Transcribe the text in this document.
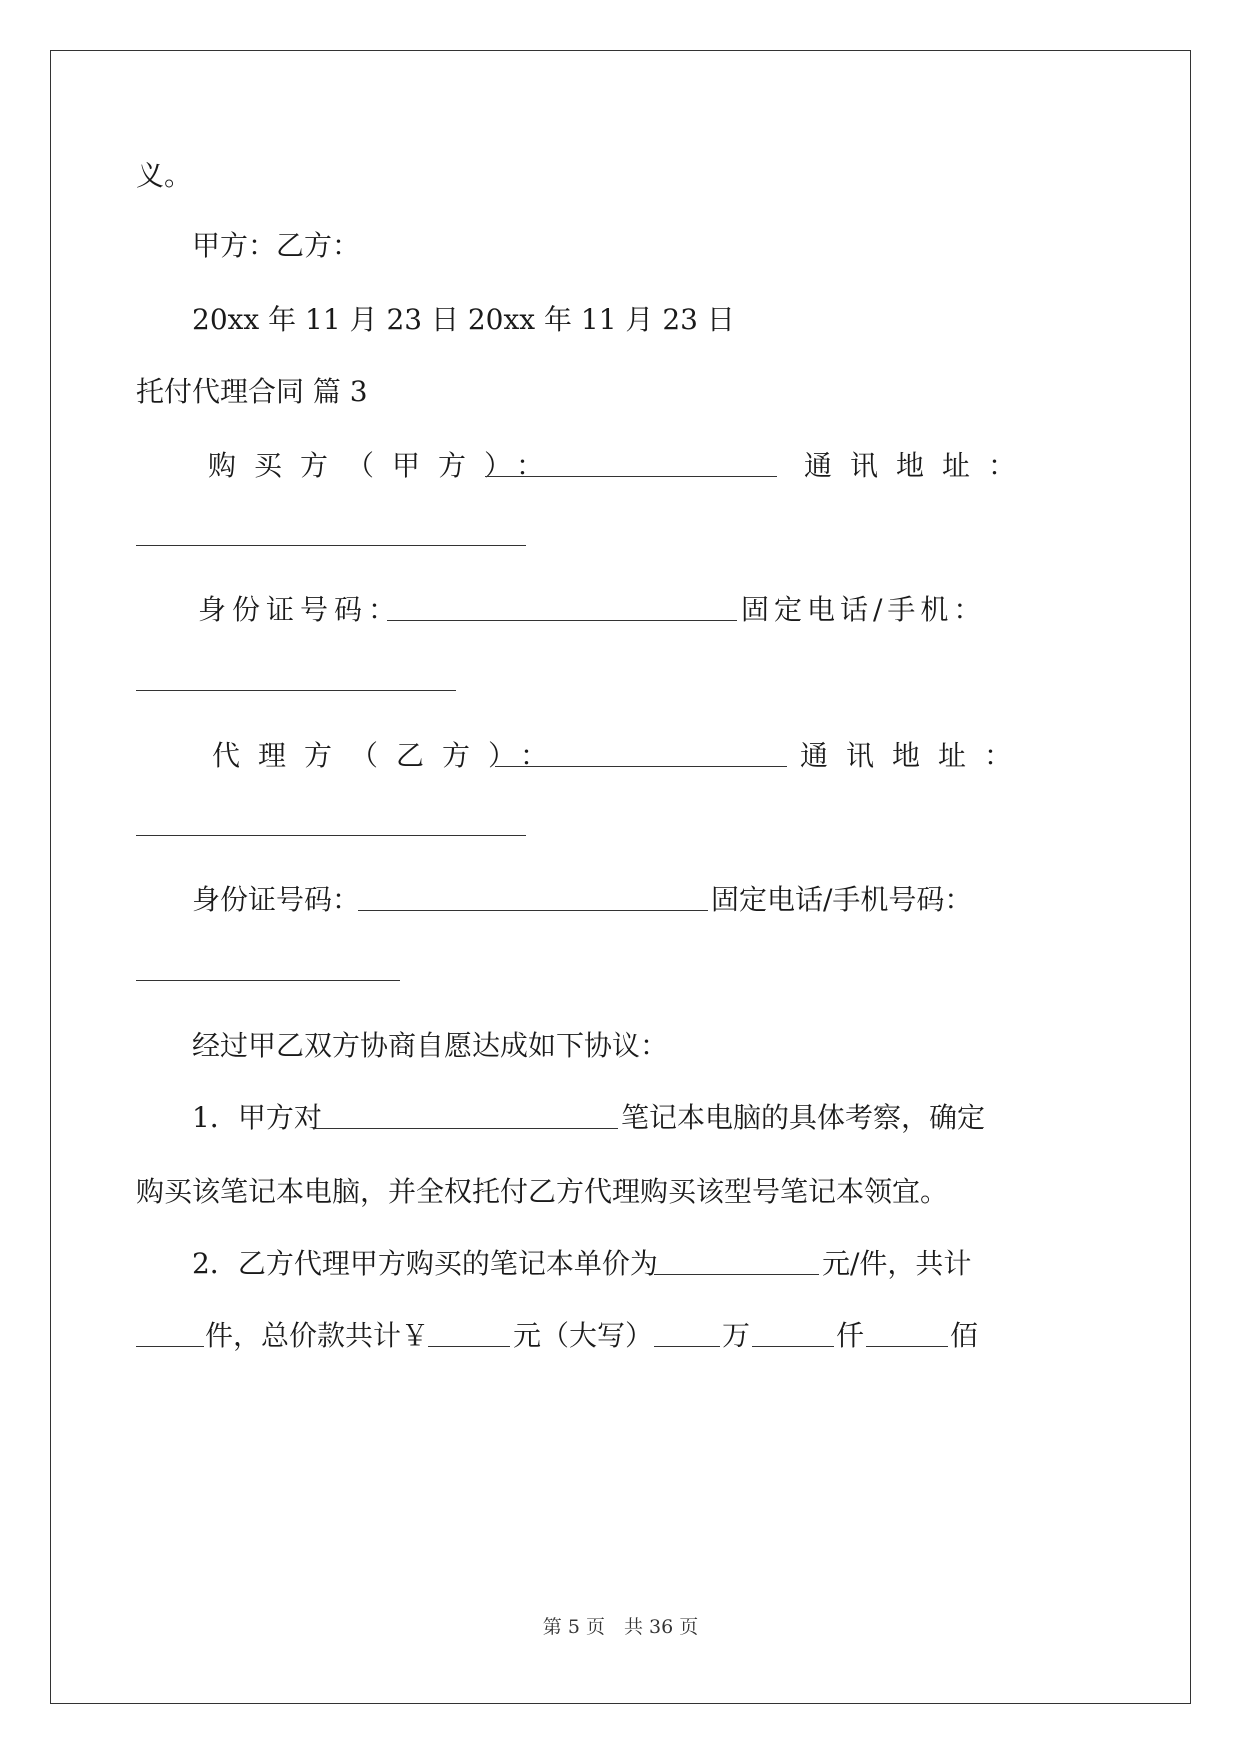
义。
甲方：乙方：
20xx 年 11 月 23 日 20xx 年 11 月 23 日
托付代理合同 篇 3
购买方（甲方）：	通讯地址：
身份证号码：	固定电话/手机：
代理方（乙方）：	通讯地址：
身份证号码：	固定电话/手机号码：
经过甲乙双方协商自愿达成如下协议：
1．甲方对	笔记本电脑的具体考察，确定
购买该笔记本电脑，并全权托付乙方代理购买该型号笔记本领宜。
2．乙方代理甲方购买的笔记本单价为	元/件，共计
件，总价款共计￥	元（大写） 万	仟	佰
第 5 页　共 36 页
